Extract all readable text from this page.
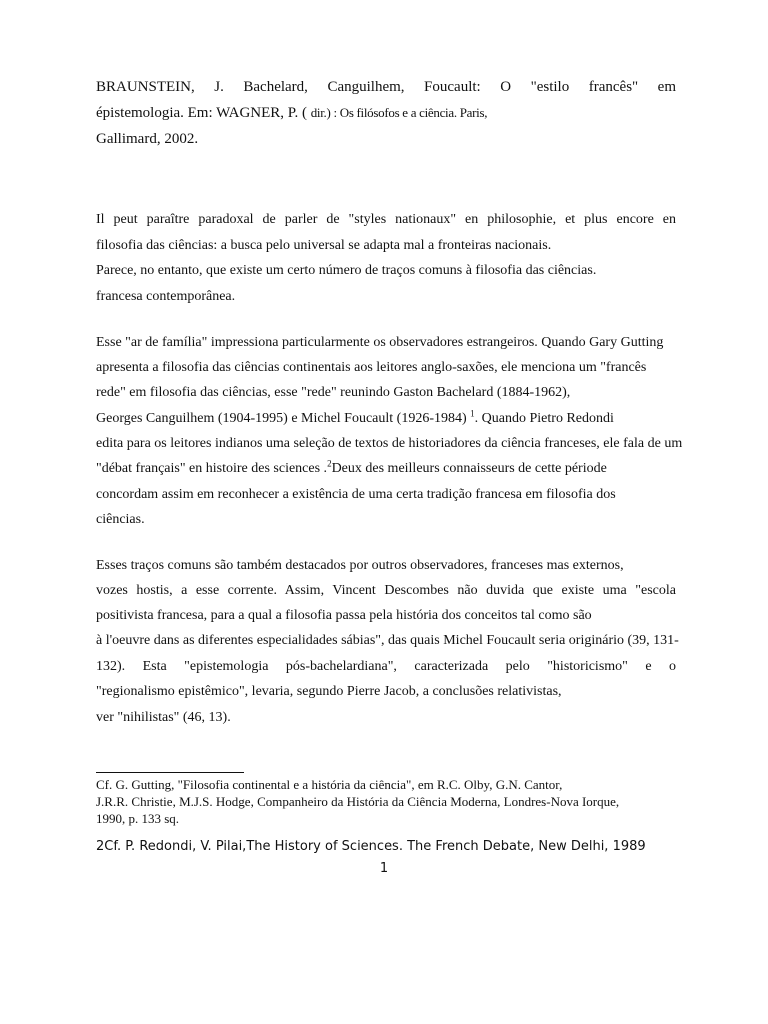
BRAUNSTEIN, J. Bachelard, Canguilhem, Foucault: O "estilo francês" em
épistemologia. Em: WAGNER, P. ( dir.) : Os filósofos e a ciência. Paris,
Gallimard, 2002.
Il peut paraître paradoxal de parler de "styles nationaux" en philosophie, et plus encore en
filosofia das ciências: a busca pelo universal se adapta mal a fronteiras nacionais.
Parece, no entanto, que existe um certo número de traços comuns à filosofia das ciências.
francesa contemporânea.
Esse "ar de família" impressiona particularmente os observadores estrangeiros. Quando Gary Gutting
apresenta a filosofia das ciências continentais aos leitores anglo-saxões, ele menciona um "francês
rede" em filosofia das ciências, esse "rede" reunindo Gaston Bachelard (1884-1962),
Georges Canguilhem (1904-1995) e Michel Foucault (1926-1984) $^1$. Quando Pietro Redondi
edita para os leitores indianos uma seleção de textos de historiadores da ciência franceses, ele fala de um
"débat français" en histoire des sciences .$^2$Deux des meilleurs connaisseurs de cette période
concordam assim em reconhecer a existência de uma certa tradição francesa em filosofia dos
ciências.
Esses traços comuns são também destacados por outros observadores, franceses mas externos,
vozes hostis, a esse corrente. Assim, Vincent Descombes não duvida que existe uma "escola
positivista francesa, para a qual a filosofia passa pela história dos conceitos tal como são
à l'oeuvre dans as diferentes especialidades sábias", das quais Michel Foucault seria originário (39, 131-
132). Esta "epistemologia pós-bachelardiana", caracterizada pelo "historicismo" e o
"regionalismo epistêmico", levaria, segundo Pierre Jacob, a conclusões relativistas,
ver "nihilistas" (46, 13).
Cf. G. Gutting, "Filosofia continental e a história da ciência", em R.C. Olby, G.N. Cantor,
J.R.R. Christie, M.J.S. Hodge, Companheiro da História da Ciência Moderna, Londres-Nova Iorque,
1990, p. 133 sq.
2Cf. P. Redondi, V. Pilai,The History of Sciences. The French Debate, New Delhi, 1989
1
